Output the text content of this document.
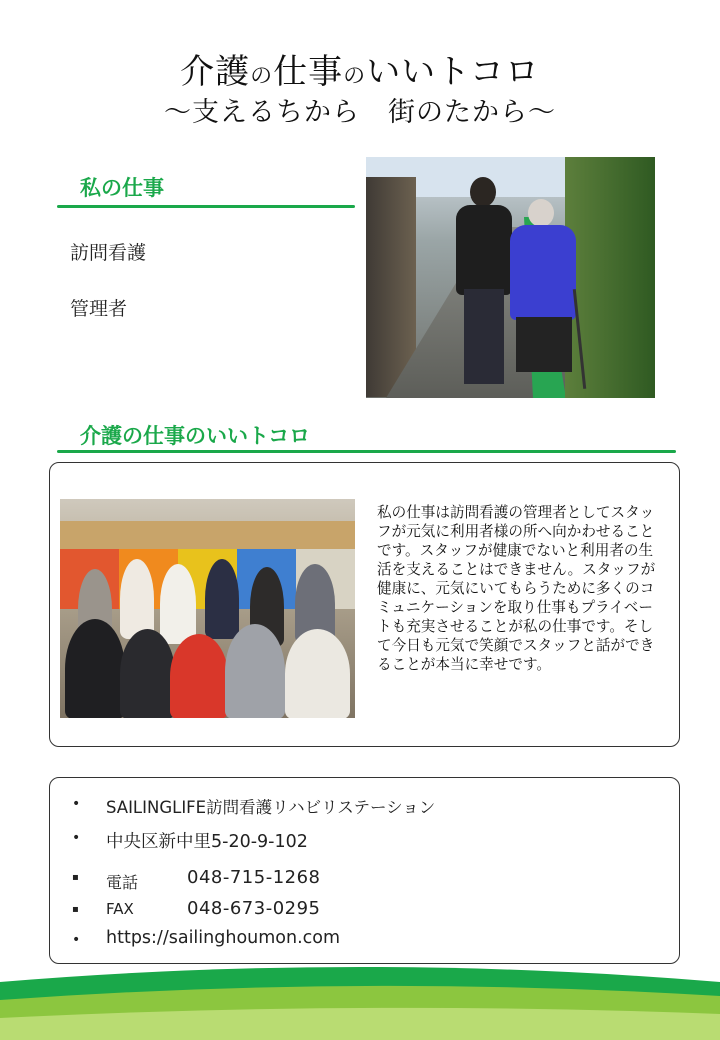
介護の仕事のいいトコロ
～支えるちから　街のたから～
私の仕事
訪問看護
管理者
介護の仕事のいいトコロ
私の仕事は訪問看護の管理者としてスタッフが元気に利用者様の所へ向かわせることです。スタッフが健康でないと利用者の生活を支えることはできません。スタッフが健康に、元気にいてもらうために多くのコミュニケーションを取り仕事もプライベートも充実させることが私の仕事です。そして今日も元気で笑顔でスタッフと話ができることが本当に幸せです。
• SAILINGLIFE訪問看護リハビリステーション
• 中央区新中里5-20-9-102
▪ 電話	048-715-1268
▪ FAX	048-673-0295
• https://sailinghoumon.com
